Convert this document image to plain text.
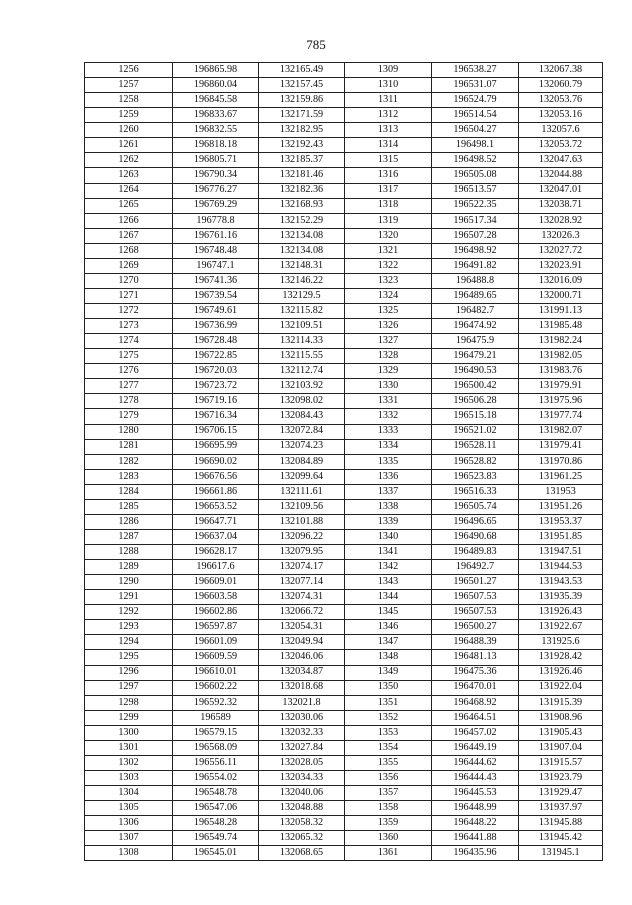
785
1256	196865.98	132165.49	1309	196538.27	132067.38
1257	196860.04	132157.45	1310	196531.07	132060.79
1258	196845.58	132159.86	1311	196524.79	132053.76
1259	196833.67	132171.59	1312	196514.54	132053.16
1260	196832.55	132182.95	1313	196504.27	132057.6
1261	196818.18	132192.43	1314	196498.1	132053.72
1262	196805.71	132185.37	1315	196498.52	132047.63
1263	196790.34	132181.46	1316	196505.08	132044.88
1264	196776.27	132182.36	1317	196513.57	132047.01
1265	196769.29	132168.93	1318	196522.35	132038.71
1266	196778.8	132152.29	1319	196517.34	132028.92
1267	196761.16	132134.08	1320	196507.28	132026.3
1268	196748.48	132134.08	1321	196498.92	132027.72
1269	196747.1	132148.31	1322	196491.82	132023.91
1270	196741.36	132146.22	1323	196488.8	132016.09
1271	196739.54	132129.5	1324	196489.65	132000.71
1272	196749.61	132115.82	1325	196482.7	131991.13
1273	196736.99	132109.51	1326	196474.92	131985.48
1274	196728.48	132114.33	1327	196475.9	131982.24
1275	196722.85	132115.55	1328	196479.21	131982.05
1276	196720.03	132112.74	1329	196490.53	131983.76
1277	196723.72	132103.92	1330	196500.42	131979.91
1278	196719.16	132098.02	1331	196506.28	131975.96
1279	196716.34	132084.43	1332	196515.18	131977.74
1280	196706.15	132072.84	1333	196521.02	131982.07
1281	196695.99	132074.23	1334	196528.11	131979.41
1282	196690.02	132084.89	1335	196528.82	131970.86
1283	196676.56	132099.64	1336	196523.83	131961.25
1284	196661.86	132111.61	1337	196516.33	131953
1285	196653.52	132109.56	1338	196505.74	131951.26
1286	196647.71	132101.88	1339	196496.65	131953.37
1287	196637.04	132096.22	1340	196490.68	131951.85
1288	196628.17	132079.95	1341	196489.83	131947.51
1289	196617.6	132074.17	1342	196492.7	131944.53
1290	196609.01	132077.14	1343	196501.27	131943.53
1291	196603.58	132074.31	1344	196507.53	131935.39
1292	196602.86	132066.72	1345	196507.53	131926.43
1293	196597.87	132054.31	1346	196500.27	131922.67
1294	196601.09	132049.94	1347	196488.39	131925.6
1295	196609.59	132046.06	1348	196481.13	131928.42
1296	196610.01	132034.87	1349	196475.36	131926.46
1297	196602.22	132018.68	1350	196470.01	131922.04
1298	196592.32	132021.8	1351	196468.92	131915.39
1299	196589	132030.06	1352	196464.51	131908.96
1300	196579.15	132032.33	1353	196457.02	131905.43
1301	196568.09	132027.84	1354	196449.19	131907.04
1302	196556.11	132028.05	1355	196444.62	131915.57
1303	196554.02	132034.33	1356	196444.43	131923.79
1304	196548.78	132040.06	1357	196445.53	131929.47
1305	196547.06	132048.88	1358	196448.99	131937.97
1306	196548.28	132058.32	1359	196448.22	131945.88
1307	196549.74	132065.32	1360	196441.88	131945.42
1308	196545.01	132068.65	1361	196435.96	131945.1
